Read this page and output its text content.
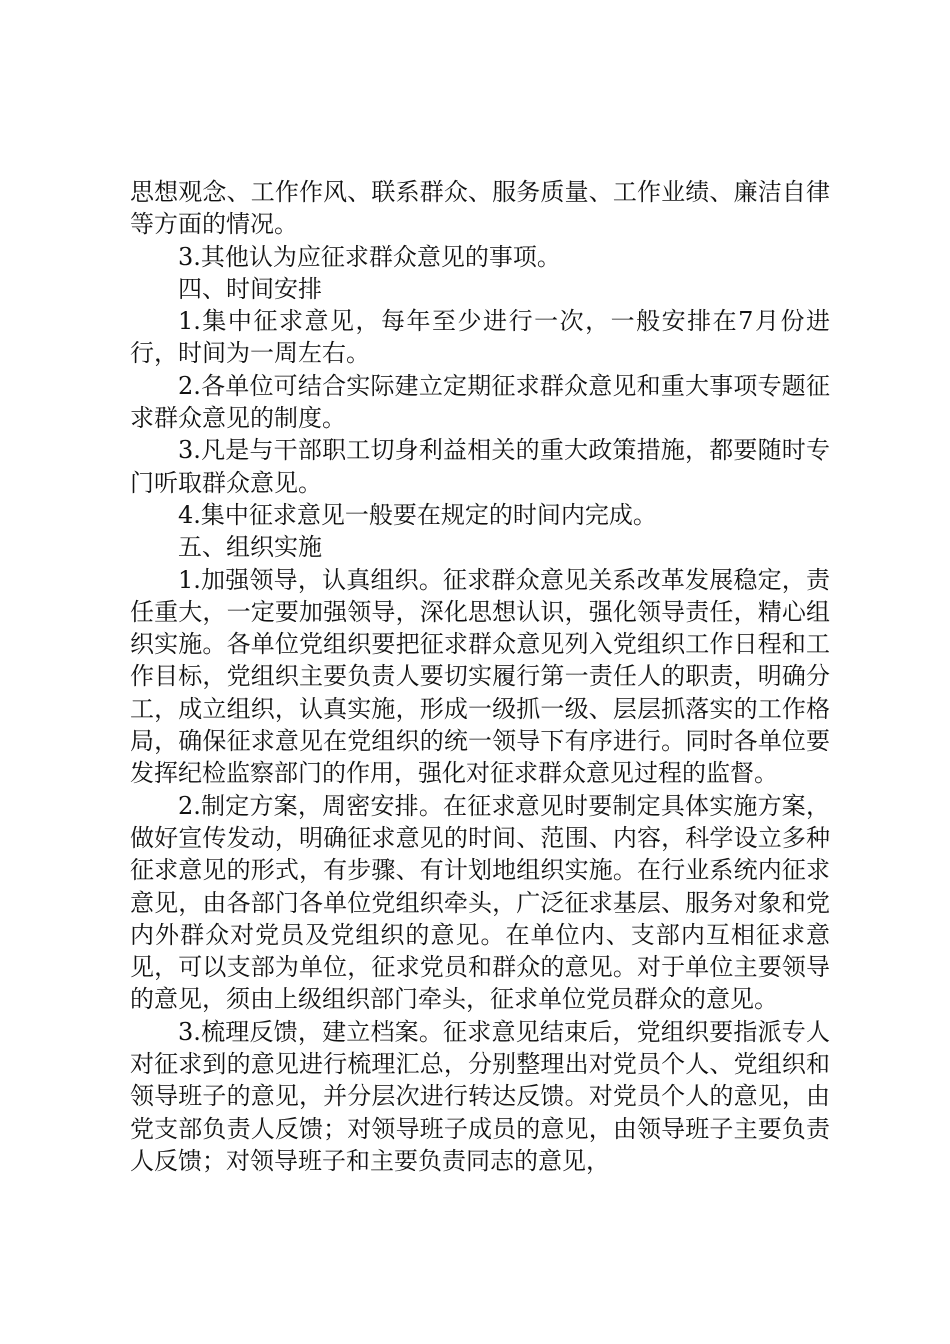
思想观念、工作作风、联系群众、服务质量、工作业绩、廉洁自律等方面的情况。

3.其他认为应征求群众意见的事项。

四、时间安排

1.集中征求意见，每年至少进行一次，一般安排在7月份进行，时间为一周左右。

2.各单位可结合实际建立定期征求群众意见和重大事项专题征求群众意见的制度。

3.凡是与干部职工切身利益相关的重大政策措施，都要随时专门听取群众意见。

4.集中征求意见一般要在规定的时间内完成。

五、组织实施

1.加强领导，认真组织。征求群众意见关系改革发展稳定，责任重大，一定要加强领导，深化思想认识，强化领导责任，精心组织实施。各单位党组织要把征求群众意见列入党组织工作日程和工作目标，党组织主要负责人要切实履行第一责任人的职责，明确分工，成立组织，认真实施，形成一级抓一级、层层抓落实的工作格局，确保征求意见在党组织的统一领导下有序进行。同时各单位要发挥纪检监察部门的作用，强化对征求群众意见过程的监督。

2.制定方案，周密安排。在征求意见时要制定具体实施方案，做好宣传发动，明确征求意见的时间、范围、内容，科学设立多种征求意见的形式，有步骤、有计划地组织实施。在行业系统内征求意见，由各部门各单位党组织牵头，广泛征求基层、服务对象和党内外群众对党员及党组织的意见。在单位内、支部内互相征求意见，可以支部为单位，征求党员和群众的意见。对于单位主要领导的意见，须由上级组织部门牵头，征求单位党员群众的意见。

3.梳理反馈，建立档案。征求意见结束后，党组织要指派专人对征求到的意见进行梳理汇总，分别整理出对党员个人、党组织和领导班子的意见，并分层次进行转达反馈。对党员个人的意见，由党支部负责人反馈；对领导班子成员的意见，由领导班子主要负责人反馈；对领导班子和主要负责同志的意见，
